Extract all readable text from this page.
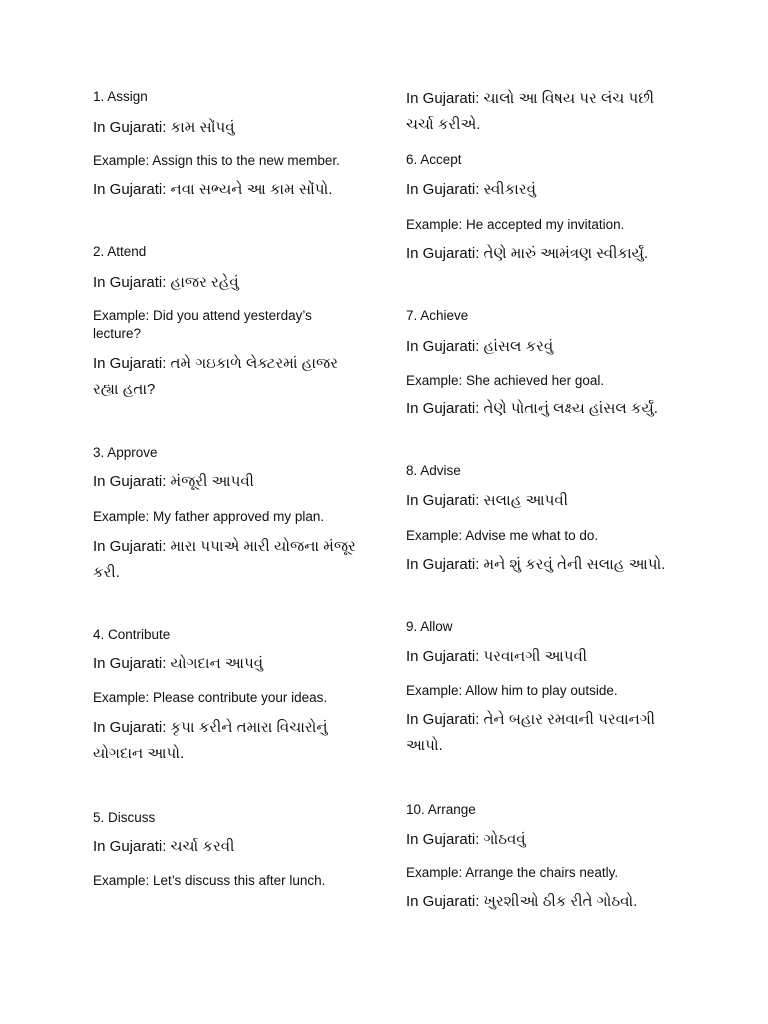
1. Assign
In Gujarati: કામ સોંપવું
Example: Assign this to the new member.
In Gujarati: નવા સભ્યને આ કામ સોંપો.
2. Attend
In Gujarati: હાજર રહેવું
Example: Did you attend yesterday’s lecture?
In Gujarati: તમે ગઇકાળે લેક્ટરમાં હાજર રહ્યા હતા?
3. Approve
In Gujarati: મંજૂરી આપવી
Example: My father approved my plan.
In Gujarati: મારા પપાએ મારી યોજના મંજૂર કરી.
4. Contribute
In Gujarati: યોગદાન આપવું
Example: Please contribute your ideas.
In Gujarati: કૃપા કરીને તમારા વિચારોનું યોગદાન આપો.
5. Discuss
In Gujarati: ચર્ચા કરવી
Example: Let’s discuss this after lunch.
In Gujarati: ચાલો આ વિષય પર લંચ પછી ચર્ચા કરીએ.
6. Accept
In Gujarati: સ્વીકારવું
Example: He accepted my invitation.
In Gujarati: તેણે મારું આમંત્રણ સ્વીકાર્યું.
7. Achieve
In Gujarati: હાંસલ કરવું
Example: She achieved her goal.
In Gujarati: તેણે પોતાનું લક્ષ્ય હાંસલ કર્યું.
8. Advise
In Gujarati: સલાહ આપવી
Example: Advise me what to do.
In Gujarati: મને શું કરવું તેની સલાહ આપો.
9. Allow
In Gujarati: પરવાનગી આપવી
Example: Allow him to play outside.
In Gujarati: તેને બહાર રમવાની પરવાનગી આપો.
10. Arrange
In Gujarati: ગોઠવવું
Example: Arrange the chairs neatly.
In Gujarati: ખુરશીઓ ઠીક રીતે ગોઠવો.
